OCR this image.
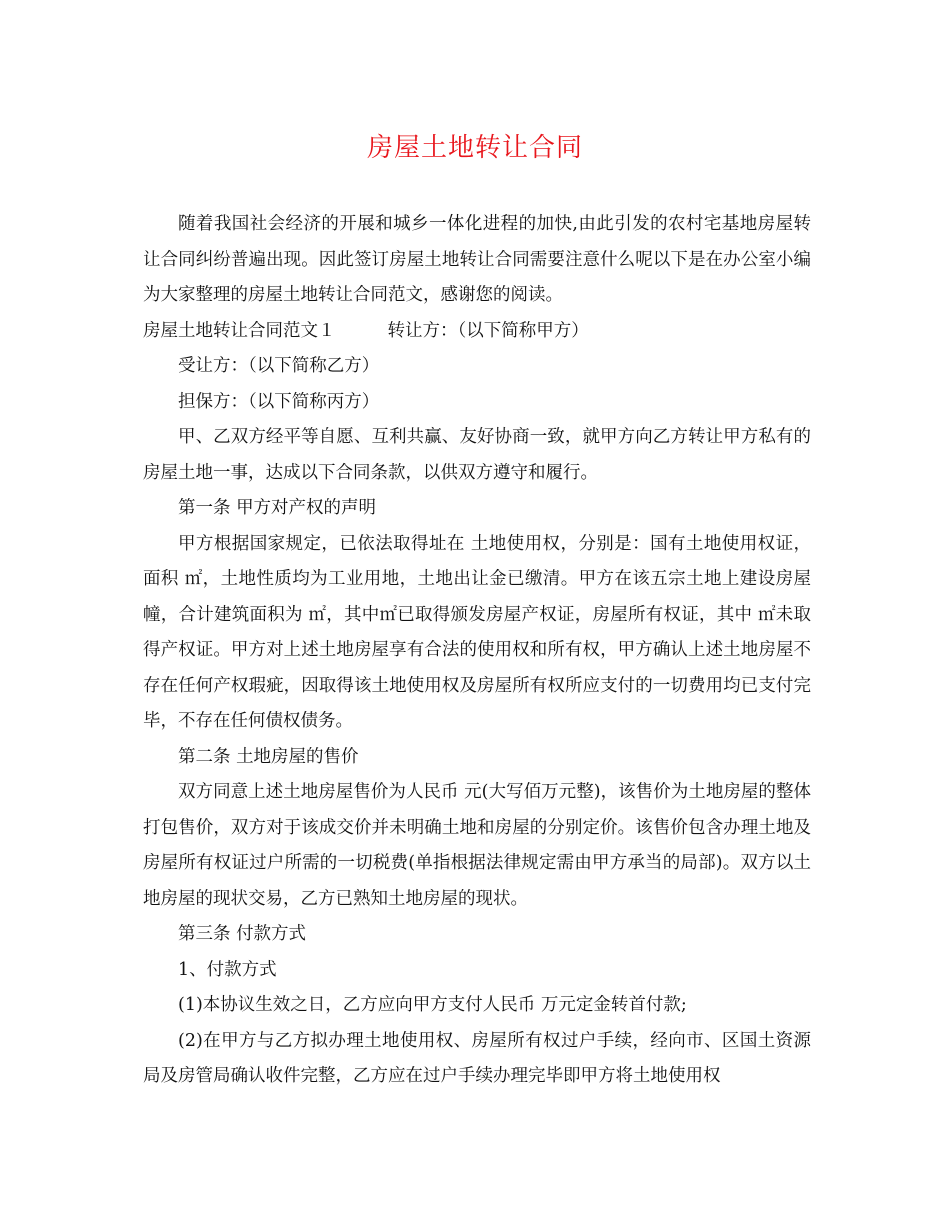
房屋土地转让合同

随着我国社会经济的开展和城乡一体化进程的加快,由此引发的农村宅基地房屋转让合同纠纷普遍出现。因此签订房屋土地转让合同需要注意什么呢以下是在办公室小编为大家整理的房屋土地转让合同范文，感谢您的阅读。

房屋土地转让合同范文１	转让方：（以下简称甲方）

受让方：（以下简称乙方）

担保方：（以下简称丙方）

甲、乙双方经平等自愿、互利共赢、友好协商一致，就甲方向乙方转让甲方私有的房屋土地一事，达成以下合同条款，以供双方遵守和履行。

第一条 甲方对产权的声明

甲方根据国家规定，已依法取得址在 土地使用权，分别是：国有土地使用权证，面积 ㎡，土地性质均为工业用地，土地出让金已缴清。甲方在该五宗土地上建设房屋幢，合计建筑面积为 ㎡，其中㎡已取得颁发房屋产权证，房屋所有权证，其中 ㎡未取得产权证。甲方对上述土地房屋享有合法的使用权和所有权，甲方确认上述土地房屋不存在任何产权瑕疵，因取得该土地使用权及房屋所有权所应支付的一切费用均已支付完毕，不存在任何债权债务。

第二条 土地房屋的售价

双方同意上述土地房屋售价为人民币 元(大写佰万元整)，该售价为土地房屋的整体打包售价，双方对于该成交价并未明确土地和房屋的分别定价。该售价包含办理土地及房屋所有权证过户所需的一切税费(单指根据法律规定需由甲方承当的局部)。双方以土地房屋的现状交易，乙方已熟知土地房屋的现状。

第三条 付款方式

1、付款方式

(1)本协议生效之日，乙方应向甲方支付人民币 万元定金转首付款;

(2)在甲方与乙方拟办理土地使用权、房屋所有权过户手续，经向市、区国土资源局及房管局确认收件完整，乙方应在过户手续办理完毕即甲方将土地使用权
